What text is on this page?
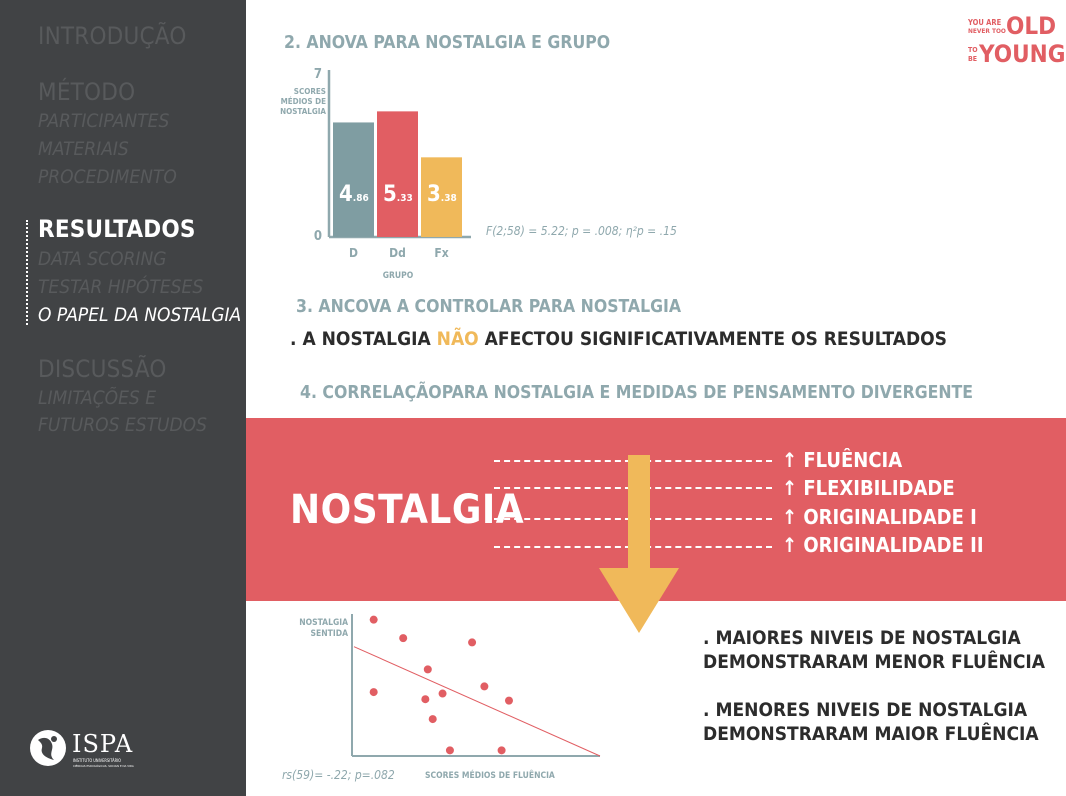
INTRODUÇÃO
MÉTODO
PARTICIPANTES
MATERIAIS
PROCEDIMENTO
RESULTADOS
DATA SCORING
TESTAR HIPÓTESES
O PAPEL DA NOSTALGIA
DISCUSSÃO
LIMITAÇÕES E
FUTUROS ESTUDOS
ISPA
INSTITUTO UNIVERSITÁRIO
CIÊNCIAS PSICOLÓGICAS, SOCIAIS E DA VIDA
YOU ARE
NEVER TOO OLD
TO
BE YOUNG
2. ANOVA PARA NOSTALGIA E GRUPO
SCORES
MÉDIOS DE
NOSTALGIA
7
0
4.86 5.33 3.38
GRUPO
D	Dd Fx
F(2;58) = 5.22; p = .008; η²p = .15
3. ANCOVA A CONTROLAR PARA NOSTALGIA
. A NOSTALGIA NÃO AFECTOU SIGNIFICATIVAMENTE OS RESULTADOS
4. CORRELAÇÃOPARA NOSTALGIA E MEDIDAS DE PENSAMENTO DIVERGENTE
NOSTALGIA
↑ FLUÊNCIA
↑ FLEXIBILIDADE
↑ ORIGINALIDADE I
↑ ORIGINALIDADE II
NOSTALGIA
SENTIDA
SCORES MÉDIOS DE FLUÊNCIA
rs(59)= -.22; p=.082
. MAIORES NIVEIS DE NOSTALGIA
DEMONSTRARAM MENOR FLUÊNCIA
. MENORES NIVEIS DE NOSTALGIA
DEMONSTRARAM MAIOR FLUÊNCIA
